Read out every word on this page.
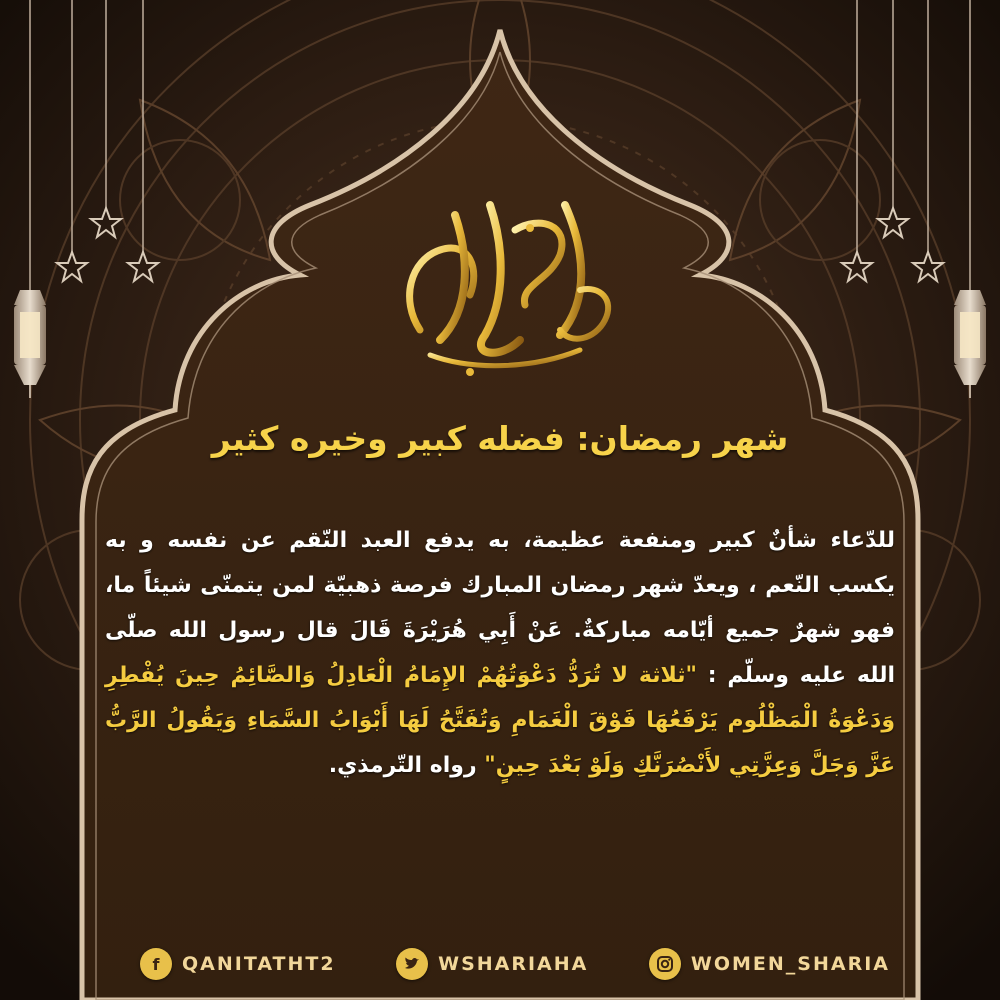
شهر رمضان: فضله كبير وخيره كثير
للدّعاء شأنٌ كبير ومنفعة عظيمة، به يدفع العبد النّقم عن نفسه و به يكسب النّعم ، ويعدّ شهر رمضان المبارك فرصة ذهبيّة لمن يتمنّى شيئاً ما، فهو شهرٌ جميع أيّامه مباركةٌ. عَنْ أَبِي هُرَيْرَةَ قَالَ قال رسول الله صلّى الله عليه وسلّم : "ثلاثة لا تُرَدُّ دَعْوَتُهُمْ الإِمَامُ الْعَادِلُ وَالصَّائِمُ حِينَ يُفْطِرِ وَدَعْوَةُ الْمَظْلُوم يَرْفَعُهَا فَوْقَ الْغَمَامِ وَتُفَتَّحُ لَهَا أَبْوَابُ السَّمَاءِ وَيَقُولُ الرَّبُّ عَزَّ وَجَلَّ وَعِزَّتِي لأَنْصُرَنَّكِ وَلَوْ بَعْدَ حِينٍ" رواه التّرمذي.
f QANITATHT2	WSHARIAHA	WOMEN_SHARIA
